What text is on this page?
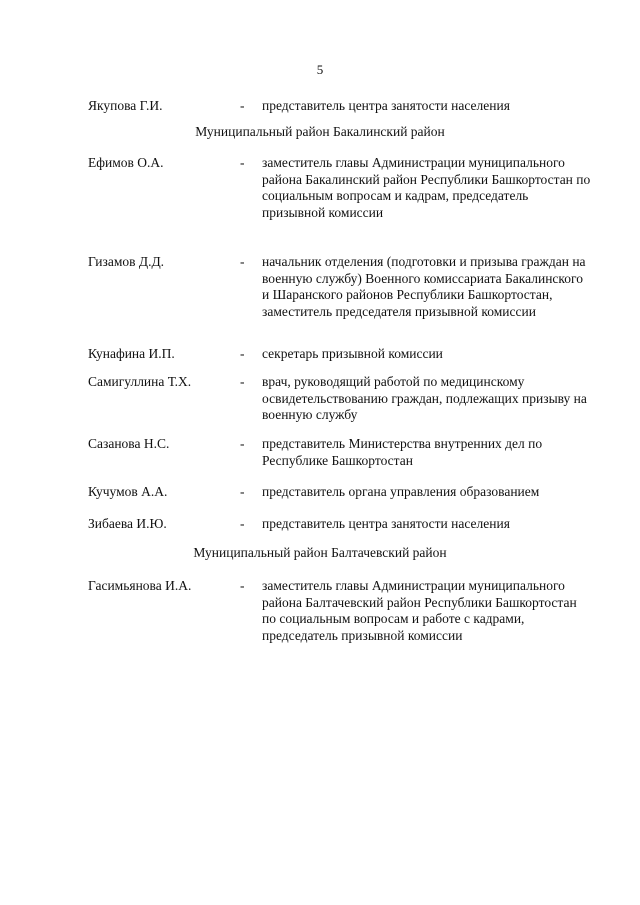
5
Якупова Г.И.	- представитель центра занятости населения
Муниципальный район Бакалинский район
Ефимов О.А.	- заместитель главы Администрации муниципального района Бакалинский район Республики Башкортостан по социальным вопросам и кадрам, председатель призывной комиссии
Гизамов Д.Д.	- начальник отделения (подготовки и призыва граждан на военную службу) Военного комиссариата Бакалинского и Шаранского районов Республики Башкортостан, заместитель председателя призывной комиссии
Кунафина И.П.	- секретарь призывной комиссии
Самигуллина Т.Х.	- врач, руководящий работой по медицинскому освидетельствованию граждан, подлежащих призыву на военную службу
Сазанова Н.С.	- представитель Министерства внутренних дел по Республике Башкортостан
Кучумов А.А.	- представитель органа управления образованием
Зибаева И.Ю.	- представитель центра занятости населения
Муниципальный район Балтачевский район
Гасимьянова И.А.	- заместитель главы Администрации муниципального района Балтачевский район Республики Башкортостан по социальным вопросам и работе с кадрами, председатель призывной комиссии
